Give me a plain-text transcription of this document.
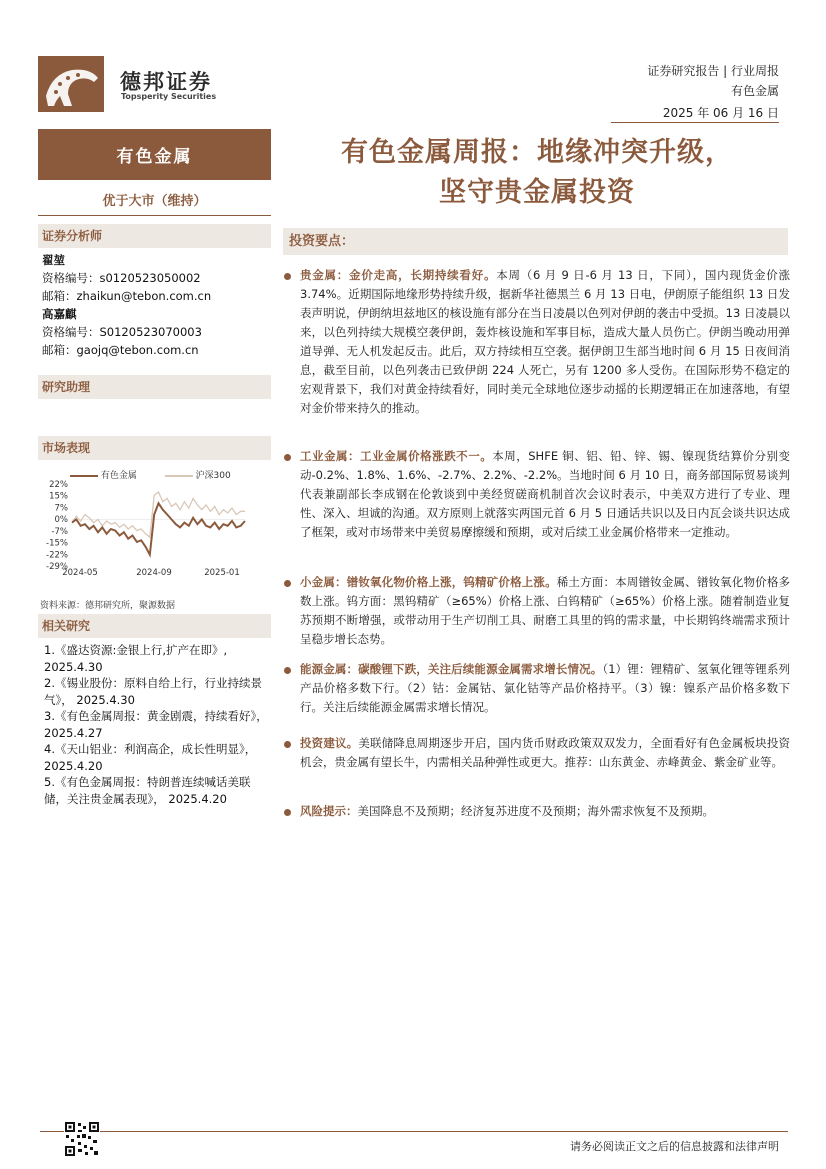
德邦证券
Topsperity Securities
证券研究报告 | 行业周报
有色金属
2025 年 06 月 16 日
有色金属
优于大市（维持）
证券分析师
翟堃
资格编号：s0120523050002
邮箱：zhaikun@tebon.com.cn
高嘉麒
资格编号：S0120523070003
邮箱：gaojq@tebon.com.cn
研究助理
市场表现
有色金属	沪深300
22%
15%
7%
0%
-7%
-15%
-22%
-29%
2024-05	2024-09	2025-01
资料来源：德邦研究所，聚源数据
相关研究
1.《盛达资源:金银上行,扩产在即》, 2025.4.30
2.《锡业股份：原料自给上行，行业持续景气》， 2025.4.30
3.《有色金属周报：黄金剧震，持续看好》， 2025.4.27
4.《天山铝业：利润高企，成长性明显》， 2025.4.20
5.《有色金属周报：特朗普连续喊话美联储，关注贵金属表现》， 2025.4.20
有色金属周报：地缘冲突升级，
坚守贵金属投资
投资要点：
贵金属：金价走高，长期持续看好。本周（6 月 9 日-6 月 13 日，下同），国内现货金价涨 3.74%。近期国际地缘形势持续升级，据新华社德黑兰 6 月 13 日电，伊朗原子能组织 13 日发表声明说，伊朗纳坦兹地区的核设施有部分在当日凌晨以色列对伊朗的袭击中受损。13 日凌晨以来，以色列持续大规模空袭伊朗，轰炸核设施和军事目标，造成大量人员伤亡。伊朗当晚动用弹道导弹、无人机发起反击。此后，双方持续相互空袭。据伊朗卫生部当地时间 6 月 15 日夜间消息，截至目前，以色列袭击已致伊朗 224 人死亡，另有 1200 多人受伤。在国际形势不稳定的宏观背景下，我们对黄金持续看好，同时美元全球地位逐步动摇的长期逻辑正在加速落地，有望对金价带来持久的推动。
工业金属：工业金属价格涨跌不一。本周，SHFE 铜、铝、铅、锌、锡、镍现货结算价分别变动-0.2%、1.8%、1.6%、-2.7%、2.2%、-2.2%。当地时间 6 月 10 日，商务部国际贸易谈判代表兼副部长李成钢在伦敦谈到中美经贸磋商机制首次会议时表示，中美双方进行了专业、理性、深入、坦诚的沟通。双方原则上就落实两国元首 6 月 5 日通话共识以及日内瓦会谈共识达成了框架，或对市场带来中美贸易摩擦缓和预期，或对后续工业金属价格带来一定推动。
小金属：镨钕氧化物价格上涨，钨精矿价格上涨。稀土方面：本周镨钕金属、镨钕氧化物价格多数上涨。钨方面：黑钨精矿（≥65%）价格上涨、白钨精矿（≥65%）价格上涨。随着制造业复苏预期不断增强，或带动用于生产切削工具、耐磨工具里的钨的需求量，中长期钨终端需求预计呈稳步增长态势。
能源金属：碳酸锂下跌，关注后续能源金属需求增长情况。（1）锂：锂精矿、氢氧化锂等锂系列产品价格多数下行。（2）钴：金属钴、氯化钴等产品价格持平。（3）镍：镍系产品价格多数下行。关注后续能源金属需求增长情况。
投资建议。美联储降息周期逐步开启，国内货币财政政策双双发力，全面看好有色金属板块投资机会，贵金属有望长牛，内需相关品种弹性或更大。推荐：山东黄金、赤峰黄金、紫金矿业等。
风险提示：美国降息不及预期；经济复苏进度不及预期；海外需求恢复不及预期。
请务必阅读正文之后的信息披露和法律声明
